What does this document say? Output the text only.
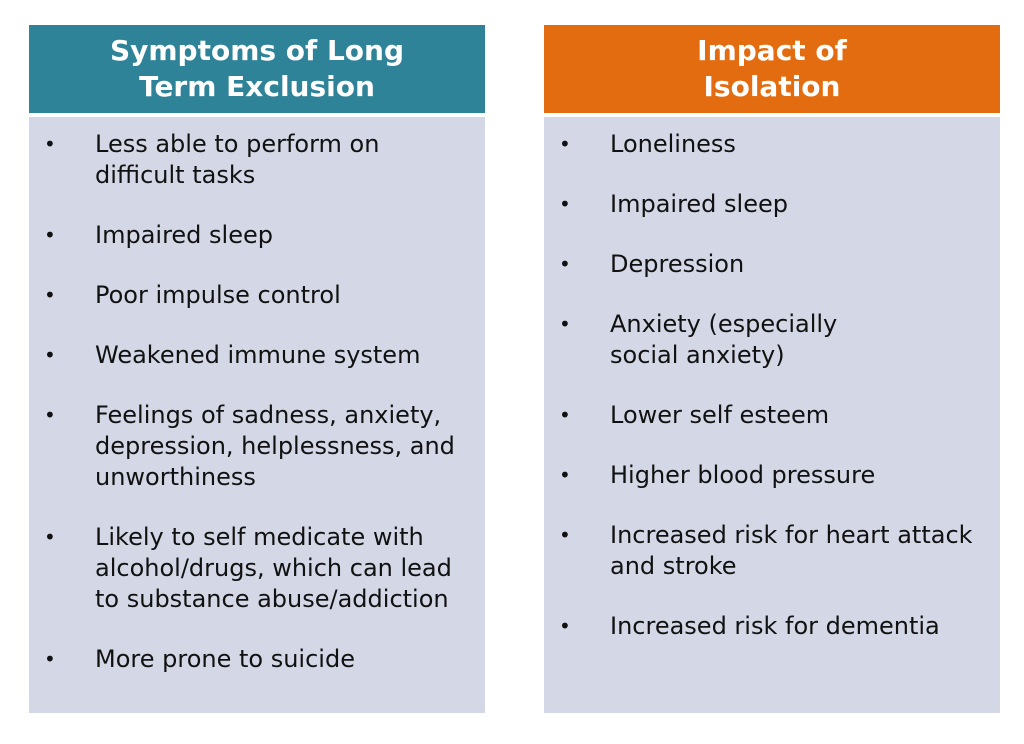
Symptoms of Long
Term Exclusion
• Less able to perform on
difficult tasks
• Impaired sleep
• Poor impulse control
• Weakened immune system
• Feelings of sadness, anxiety,
depression, helplessness, and
unworthiness
• Likely to self medicate with
alcohol/drugs, which can lead
to substance abuse/addiction
• More prone to suicide
Impact of
Isolation
• Loneliness
• Impaired sleep
• Depression
• Anxiety (especially
social anxiety)
• Lower self esteem
• Higher blood pressure
• Increased risk for heart attack
and stroke
• Increased risk for dementia
